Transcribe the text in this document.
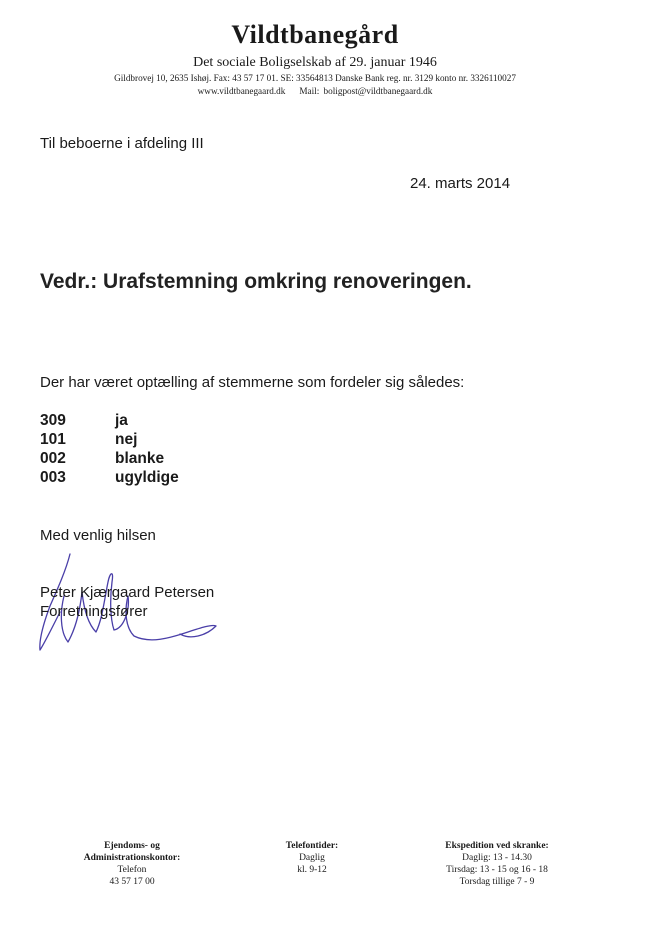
Vildtbanegård
Det sociale Boligselskab af 29. januar 1946
Gildbrovej 10, 2635 Ishøj. Fax: 43 57 17 01. SE: 33564813 Danske Bank reg. nr. 3129 konto nr. 3326110027
www.vildtbanegaard.dk Mail: boligpost@vildtbanegaard.dk
Til beboerne i afdeling III
24. marts 2014
Vedr.: Urafstemning omkring renoveringen.
Der har været optælling af stemmerne som fordeler sig således:
309	ja
101	nej
002	blanke
003	ugyldige
Med venlig hilsen
Peter Kjærgaard Petersen
Forretningsfører
Ejendoms- og
Administrationskontor:
Telefon
43 57 17 00
Telefontider:
Daglig
kl. 9-12
Ekspedition ved skranke:
Daglig: 13 - 14.30
Tirsdag: 13 - 15 og 16 - 18
Torsdag tillige 7 - 9
